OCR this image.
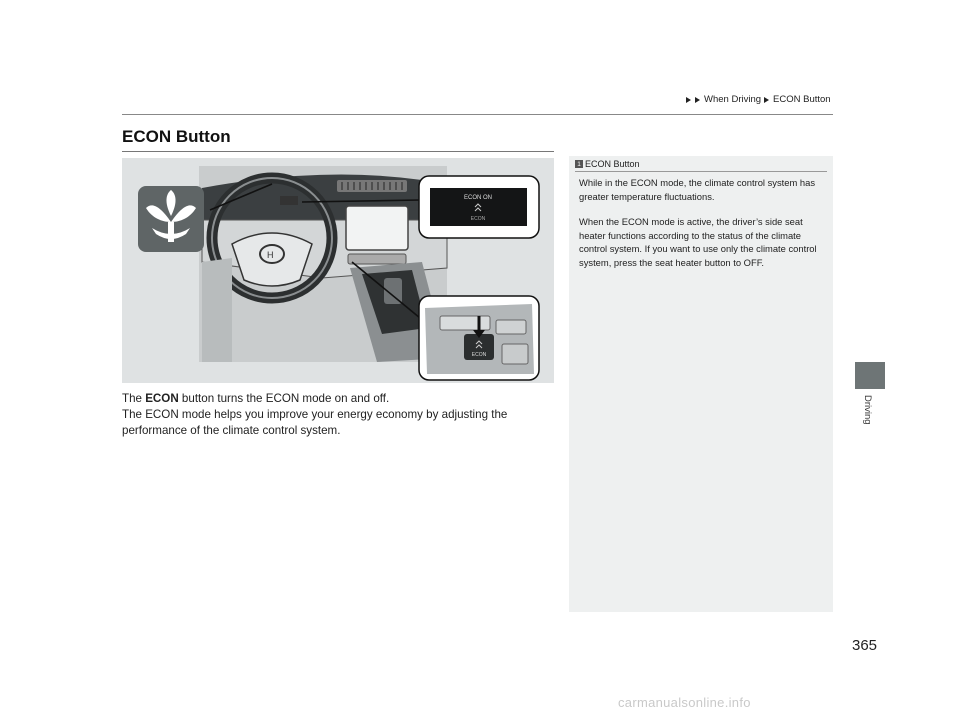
When Driving ECON Button
ECON Button
H
ECON ON
ECON
ECON
The ECON button turns the ECON mode on and off.
The ECON mode helps you improve your energy economy by adjusting the performance of the climate control system.
1 ECON Button
While in the ECON mode, the climate control system has greater temperature fluctuations.
When the ECON mode is active, the driver’s side seat heater functions according to the status of the climate control system. If you want to use only the climate control system, press the seat heater button to OFF.
Driving
365
carmanualsonline.info
